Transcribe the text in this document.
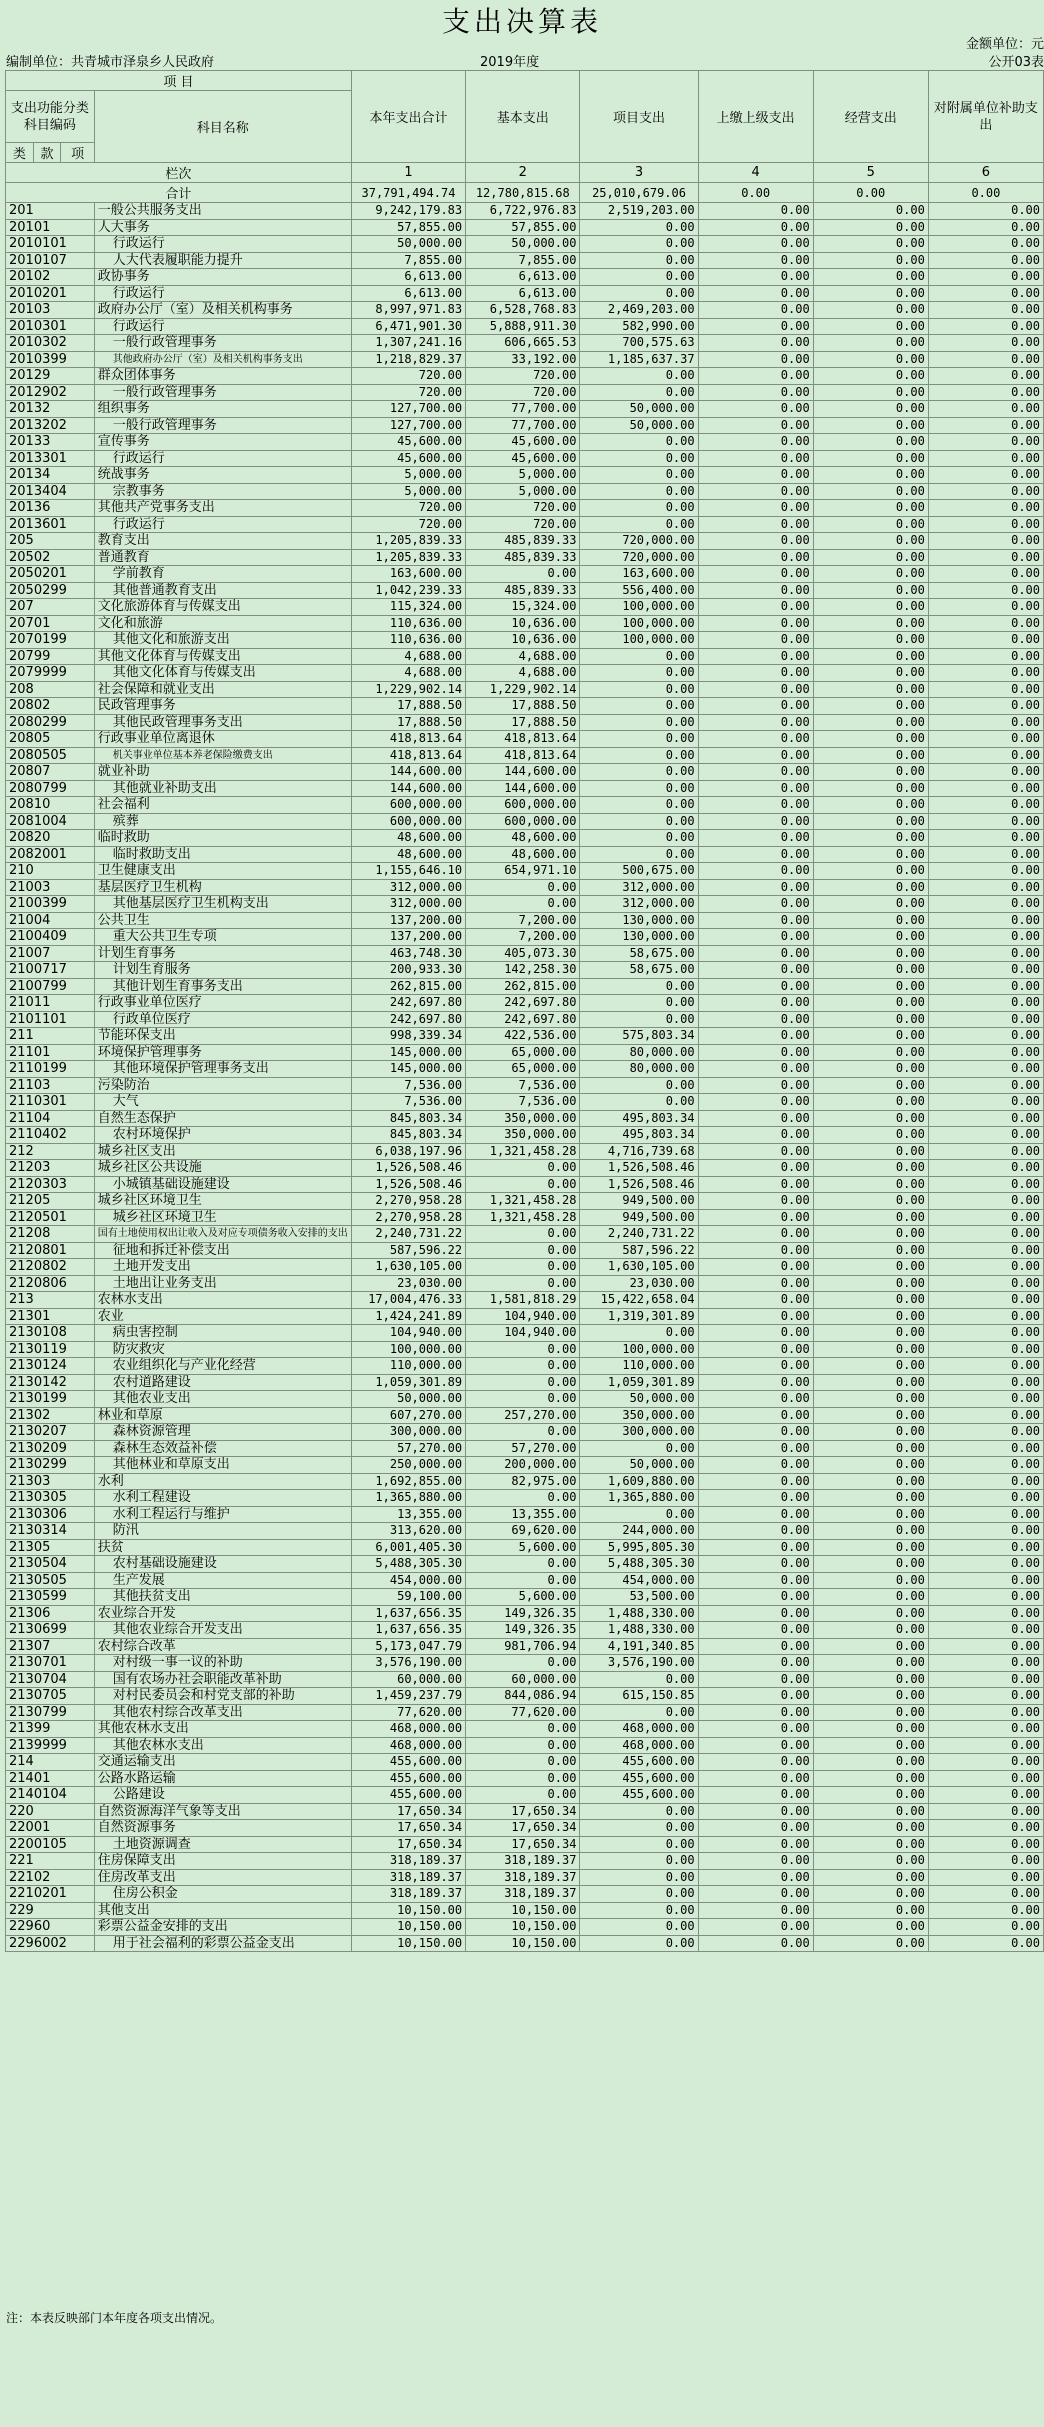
支出决算表
金额单位：元
编制单位：共青城市泽泉乡人民政府	2019年度	公开03表
项 目				本年支出合计	基本支出	项目支出	上缴上级支出	经营支出	对附属单位补助支出
支出功能分类科目编码			科目名称						
类	款	项							
栏次				1	2	3	4	5	6
合计				37,791,494.74	12,780,815.68	25,010,679.06	0.00	0.00	0.00
201			一般公共服务支出	9,242,179.83	6,722,976.83	2,519,203.00	0.00	0.00	0.00
20101			人大事务	57,855.00	57,855.00	0.00	0.00	0.00	0.00
2010101			行政运行	50,000.00	50,000.00	0.00	0.00	0.00	0.00
2010107			人大代表履职能力提升	7,855.00	7,855.00	0.00	0.00	0.00	0.00
20102			政协事务	6,613.00	6,613.00	0.00	0.00	0.00	0.00
2010201			行政运行	6,613.00	6,613.00	0.00	0.00	0.00	0.00
20103			政府办公厅（室）及相关机构事务	8,997,971.83	6,528,768.83	2,469,203.00	0.00	0.00	0.00
2010301			行政运行	6,471,901.30	5,888,911.30	582,990.00	0.00	0.00	0.00
2010302			一般行政管理事务	1,307,241.16	606,665.53	700,575.63	0.00	0.00	0.00
2010399			其他政府办公厅（室）及相关机构事务支出	1,218,829.37	33,192.00	1,185,637.37	0.00	0.00	0.00
20129			群众团体事务	720.00	720.00	0.00	0.00	0.00	0.00
2012902			一般行政管理事务	720.00	720.00	0.00	0.00	0.00	0.00
20132			组织事务	127,700.00	77,700.00	50,000.00	0.00	0.00	0.00
2013202			一般行政管理事务	127,700.00	77,700.00	50,000.00	0.00	0.00	0.00
20133			宣传事务	45,600.00	45,600.00	0.00	0.00	0.00	0.00
2013301			行政运行	45,600.00	45,600.00	0.00	0.00	0.00	0.00
20134			统战事务	5,000.00	5,000.00	0.00	0.00	0.00	0.00
2013404			宗教事务	5,000.00	5,000.00	0.00	0.00	0.00	0.00
20136			其他共产党事务支出	720.00	720.00	0.00	0.00	0.00	0.00
2013601			行政运行	720.00	720.00	0.00	0.00	0.00	0.00
205			教育支出	1,205,839.33	485,839.33	720,000.00	0.00	0.00	0.00
20502			普通教育	1,205,839.33	485,839.33	720,000.00	0.00	0.00	0.00
2050201			学前教育	163,600.00	0.00	163,600.00	0.00	0.00	0.00
2050299			其他普通教育支出	1,042,239.33	485,839.33	556,400.00	0.00	0.00	0.00
207			文化旅游体育与传媒支出	115,324.00	15,324.00	100,000.00	0.00	0.00	0.00
20701			文化和旅游	110,636.00	10,636.00	100,000.00	0.00	0.00	0.00
2070199			其他文化和旅游支出	110,636.00	10,636.00	100,000.00	0.00	0.00	0.00
20799			其他文化体育与传媒支出	4,688.00	4,688.00	0.00	0.00	0.00	0.00
2079999			其他文化体育与传媒支出	4,688.00	4,688.00	0.00	0.00	0.00	0.00
208			社会保障和就业支出	1,229,902.14	1,229,902.14	0.00	0.00	0.00	0.00
20802			民政管理事务	17,888.50	17,888.50	0.00	0.00	0.00	0.00
2080299			其他民政管理事务支出	17,888.50	17,888.50	0.00	0.00	0.00	0.00
20805			行政事业单位离退休	418,813.64	418,813.64	0.00	0.00	0.00	0.00
2080505			机关事业单位基本养老保险缴费支出	418,813.64	418,813.64	0.00	0.00	0.00	0.00
20807			就业补助	144,600.00	144,600.00	0.00	0.00	0.00	0.00
2080799			其他就业补助支出	144,600.00	144,600.00	0.00	0.00	0.00	0.00
20810			社会福利	600,000.00	600,000.00	0.00	0.00	0.00	0.00
2081004			殡葬	600,000.00	600,000.00	0.00	0.00	0.00	0.00
20820			临时救助	48,600.00	48,600.00	0.00	0.00	0.00	0.00
2082001			临时救助支出	48,600.00	48,600.00	0.00	0.00	0.00	0.00
210			卫生健康支出	1,155,646.10	654,971.10	500,675.00	0.00	0.00	0.00
21003			基层医疗卫生机构	312,000.00	0.00	312,000.00	0.00	0.00	0.00
2100399			其他基层医疗卫生机构支出	312,000.00	0.00	312,000.00	0.00	0.00	0.00
21004			公共卫生	137,200.00	7,200.00	130,000.00	0.00	0.00	0.00
2100409			重大公共卫生专项	137,200.00	7,200.00	130,000.00	0.00	0.00	0.00
21007			计划生育事务	463,748.30	405,073.30	58,675.00	0.00	0.00	0.00
2100717			计划生育服务	200,933.30	142,258.30	58,675.00	0.00	0.00	0.00
2100799			其他计划生育事务支出	262,815.00	262,815.00	0.00	0.00	0.00	0.00
21011			行政事业单位医疗	242,697.80	242,697.80	0.00	0.00	0.00	0.00
2101101			行政单位医疗	242,697.80	242,697.80	0.00	0.00	0.00	0.00
211			节能环保支出	998,339.34	422,536.00	575,803.34	0.00	0.00	0.00
21101			环境保护管理事务	145,000.00	65,000.00	80,000.00	0.00	0.00	0.00
2110199			其他环境保护管理事务支出	145,000.00	65,000.00	80,000.00	0.00	0.00	0.00
21103			污染防治	7,536.00	7,536.00	0.00	0.00	0.00	0.00
2110301			大气	7,536.00	7,536.00	0.00	0.00	0.00	0.00
21104			自然生态保护	845,803.34	350,000.00	495,803.34	0.00	0.00	0.00
2110402			农村环境保护	845,803.34	350,000.00	495,803.34	0.00	0.00	0.00
212			城乡社区支出	6,038,197.96	1,321,458.28	4,716,739.68	0.00	0.00	0.00
21203			城乡社区公共设施	1,526,508.46	0.00	1,526,508.46	0.00	0.00	0.00
2120303			小城镇基础设施建设	1,526,508.46	0.00	1,526,508.46	0.00	0.00	0.00
21205			城乡社区环境卫生	2,270,958.28	1,321,458.28	949,500.00	0.00	0.00	0.00
2120501			城乡社区环境卫生	2,270,958.28	1,321,458.28	949,500.00	0.00	0.00	0.00
21208			国有土地使用权出让收入及对应专项债务收入安排的支出	2,240,731.22	0.00	2,240,731.22	0.00	0.00	0.00
2120801			征地和拆迁补偿支出	587,596.22	0.00	587,596.22	0.00	0.00	0.00
2120802			土地开发支出	1,630,105.00	0.00	1,630,105.00	0.00	0.00	0.00
2120806			土地出让业务支出	23,030.00	0.00	23,030.00	0.00	0.00	0.00
213			农林水支出	17,004,476.33	1,581,818.29	15,422,658.04	0.00	0.00	0.00
21301			农业	1,424,241.89	104,940.00	1,319,301.89	0.00	0.00	0.00
2130108			病虫害控制	104,940.00	104,940.00	0.00	0.00	0.00	0.00
2130119			防灾救灾	100,000.00	0.00	100,000.00	0.00	0.00	0.00
2130124			农业组织化与产业化经营	110,000.00	0.00	110,000.00	0.00	0.00	0.00
2130142			农村道路建设	1,059,301.89	0.00	1,059,301.89	0.00	0.00	0.00
2130199			其他农业支出	50,000.00	0.00	50,000.00	0.00	0.00	0.00
21302			林业和草原	607,270.00	257,270.00	350,000.00	0.00	0.00	0.00
2130207			森林资源管理	300,000.00	0.00	300,000.00	0.00	0.00	0.00
2130209			森林生态效益补偿	57,270.00	57,270.00	0.00	0.00	0.00	0.00
2130299			其他林业和草原支出	250,000.00	200,000.00	50,000.00	0.00	0.00	0.00
21303			水利	1,692,855.00	82,975.00	1,609,880.00	0.00	0.00	0.00
2130305			水利工程建设	1,365,880.00	0.00	1,365,880.00	0.00	0.00	0.00
2130306			水利工程运行与维护	13,355.00	13,355.00	0.00	0.00	0.00	0.00
2130314			防汛	313,620.00	69,620.00	244,000.00	0.00	0.00	0.00
21305			扶贫	6,001,405.30	5,600.00	5,995,805.30	0.00	0.00	0.00
2130504			农村基础设施建设	5,488,305.30	0.00	5,488,305.30	0.00	0.00	0.00
2130505			生产发展	454,000.00	0.00	454,000.00	0.00	0.00	0.00
2130599			其他扶贫支出	59,100.00	5,600.00	53,500.00	0.00	0.00	0.00
21306			农业综合开发	1,637,656.35	149,326.35	1,488,330.00	0.00	0.00	0.00
2130699			其他农业综合开发支出	1,637,656.35	149,326.35	1,488,330.00	0.00	0.00	0.00
21307			农村综合改革	5,173,047.79	981,706.94	4,191,340.85	0.00	0.00	0.00
2130701			对村级一事一议的补助	3,576,190.00	0.00	3,576,190.00	0.00	0.00	0.00
2130704			国有农场办社会职能改革补助	60,000.00	60,000.00	0.00	0.00	0.00	0.00
2130705			对村民委员会和村党支部的补助	1,459,237.79	844,086.94	615,150.85	0.00	0.00	0.00
2130799			其他农村综合改革支出	77,620.00	77,620.00	0.00	0.00	0.00	0.00
21399			其他农林水支出	468,000.00	0.00	468,000.00	0.00	0.00	0.00
2139999			其他农林水支出	468,000.00	0.00	468,000.00	0.00	0.00	0.00
214			交通运输支出	455,600.00	0.00	455,600.00	0.00	0.00	0.00
21401			公路水路运输	455,600.00	0.00	455,600.00	0.00	0.00	0.00
2140104			公路建设	455,600.00	0.00	455,600.00	0.00	0.00	0.00
220			自然资源海洋气象等支出	17,650.34	17,650.34	0.00	0.00	0.00	0.00
22001			自然资源事务	17,650.34	17,650.34	0.00	0.00	0.00	0.00
2200105			土地资源调查	17,650.34	17,650.34	0.00	0.00	0.00	0.00
221			住房保障支出	318,189.37	318,189.37	0.00	0.00	0.00	0.00
22102			住房改革支出	318,189.37	318,189.37	0.00	0.00	0.00	0.00
2210201			住房公积金	318,189.37	318,189.37	0.00	0.00	0.00	0.00
229			其他支出	10,150.00	10,150.00	0.00	0.00	0.00	0.00
22960			彩票公益金安排的支出	10,150.00	10,150.00	0.00	0.00	0.00	0.00
2296002			用于社会福利的彩票公益金支出	10,150.00	10,150.00	0.00	0.00	0.00	0.00
注：本表反映部门本年度各项支出情况。
